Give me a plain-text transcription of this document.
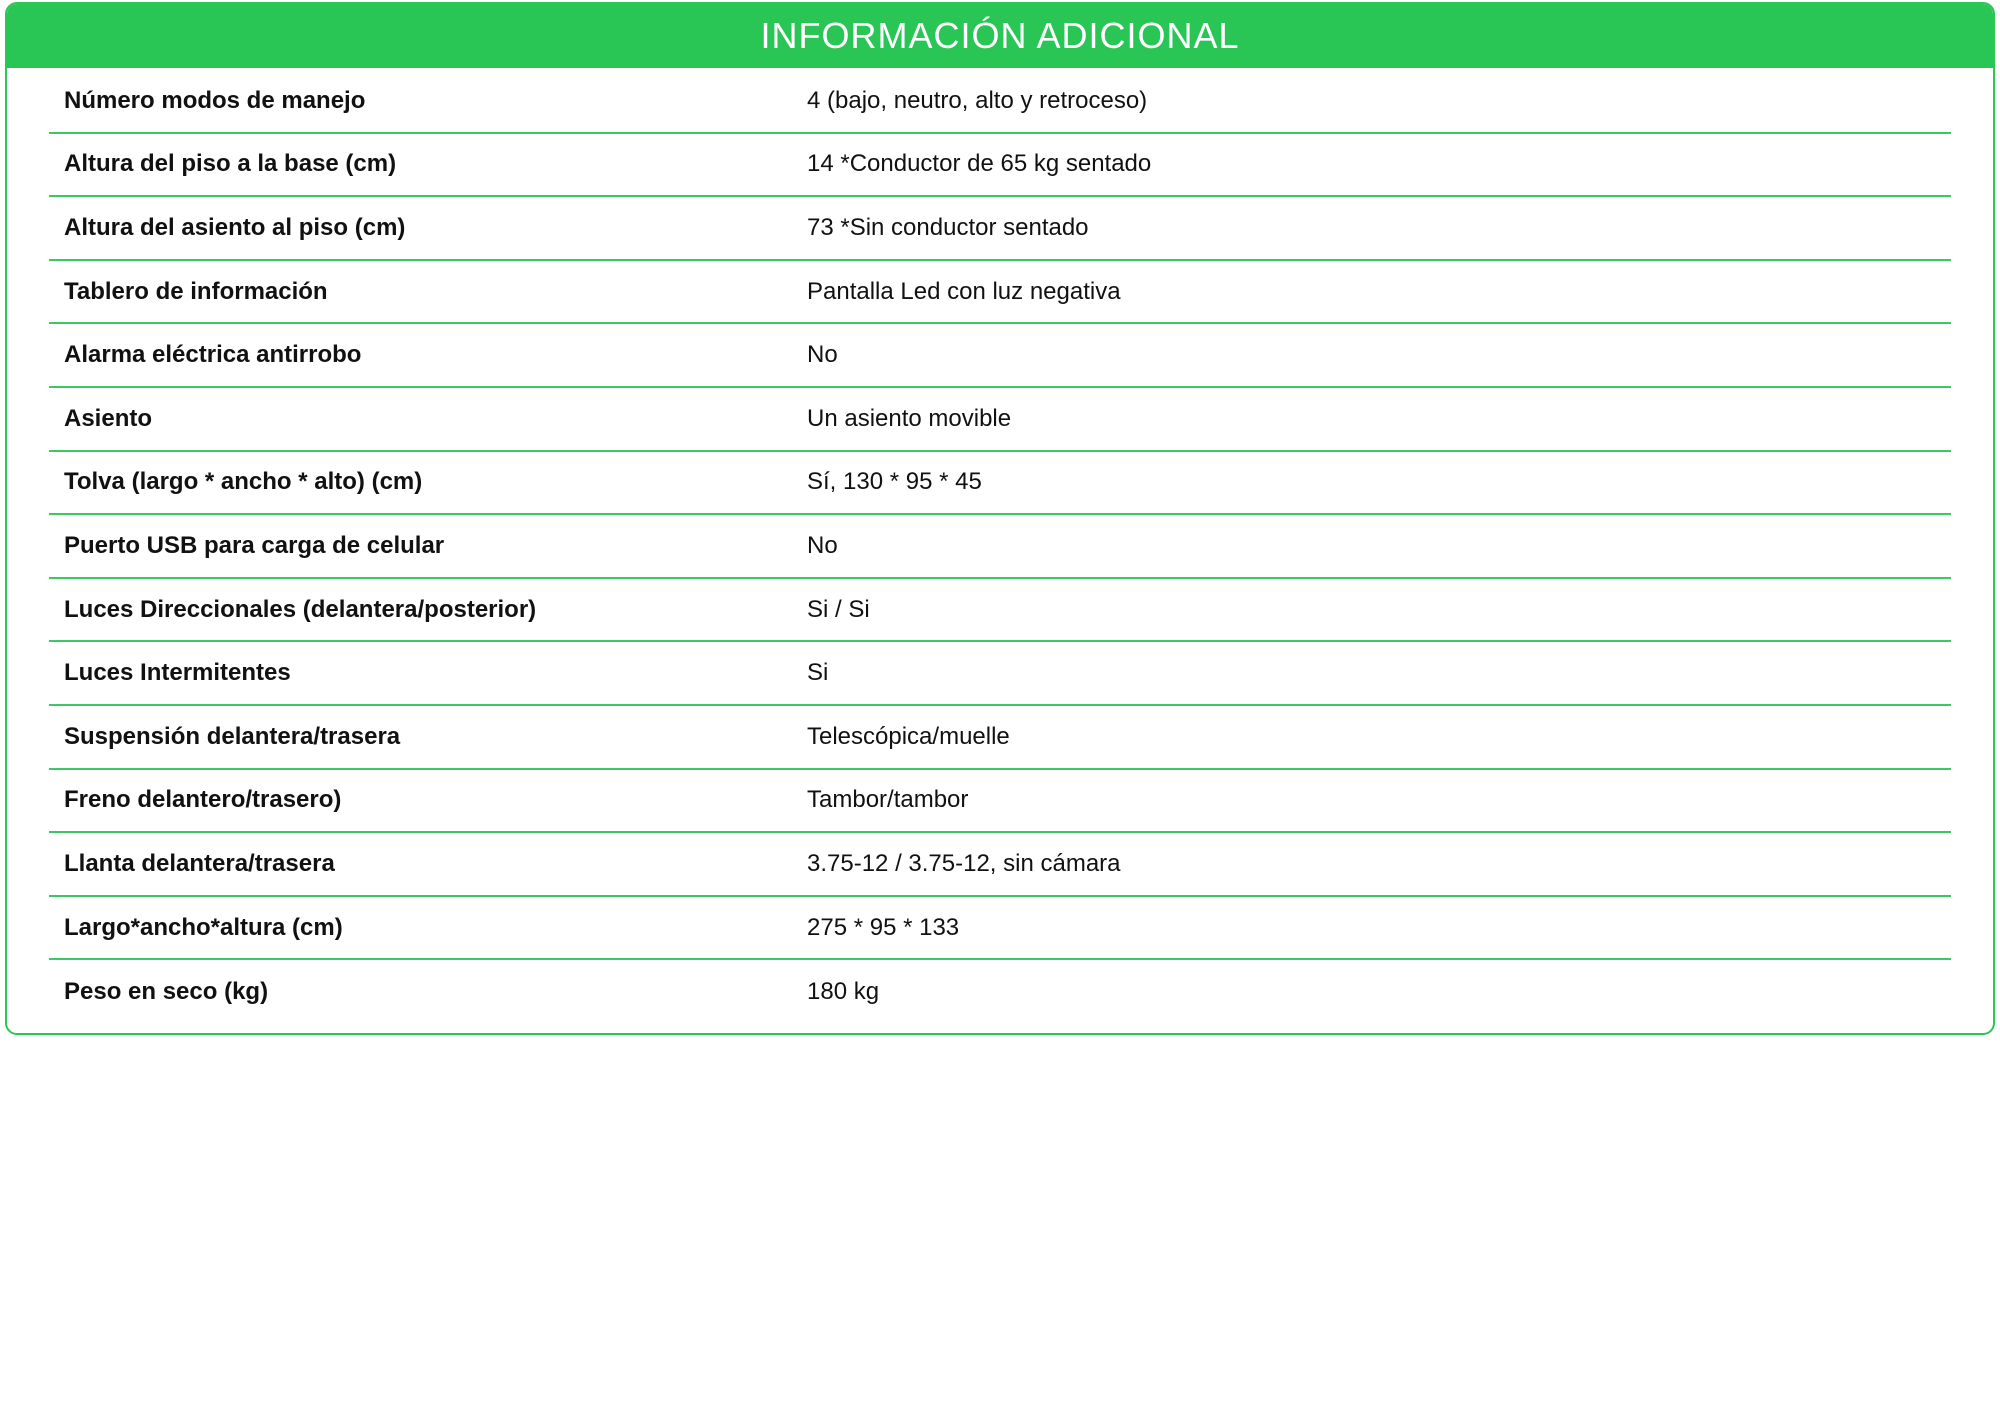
INFORMACIÓN ADICIONAL
Número modos de manejo	4 (bajo, neutro, alto y retroceso)
Altura del piso a la base (cm)	14 *Conductor de 65 kg sentado
Altura del asiento al piso (cm)	73 *Sin conductor sentado
Tablero de información	Pantalla Led con luz negativa
Alarma eléctrica antirrobo	No
Asiento	Un asiento movible
Tolva (largo * ancho * alto) (cm)	Sí, 130 * 95 * 45
Puerto USB para carga de celular	No
Luces Direccionales (delantera/posterior)	Si / Si
Luces Intermitentes	Si
Suspensión delantera/trasera	Telescópica/muelle
Freno delantero/trasero)	Tambor/tambor
Llanta delantera/trasera	3.75-12 / 3.75-12, sin cámara
Largo*ancho*altura (cm)	275 * 95 * 133
Peso en seco (kg)	180 kg
